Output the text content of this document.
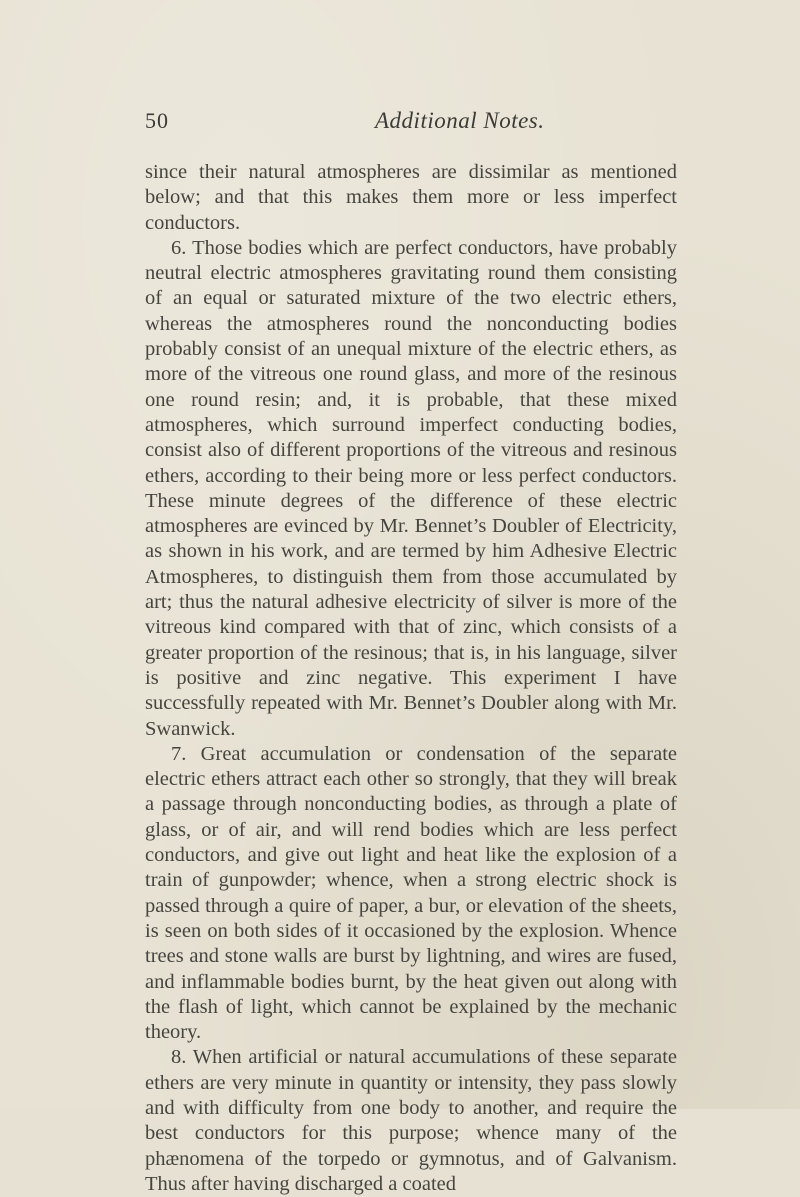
50	Additional Notes.

since their natural atmospheres are dissimilar as mentioned below; and that this makes them more or less imperfect conductors.

6. Those bodies which are perfect conductors, have probably neutral electric atmospheres gravitating round them consisting of an equal or saturated mixture of the two electric ethers, whereas the atmospheres round the nonconducting bodies probably consist of an unequal mixture of the electric ethers, as more of the vitreous one round glass, and more of the resinous one round resin; and, it is probable, that these mixed atmospheres, which surround imperfect conducting bodies, consist also of different proportions of the vitreous and resinous ethers, according to their being more or less perfect conductors. These minute degrees of the difference of these electric atmospheres are evinced by Mr. Bennet’s Doubler of Electricity, as shown in his work, and are termed by him Adhesive Electric Atmospheres, to distinguish them from those accumulated by art; thus the natural adhesive electricity of silver is more of the vitreous kind compared with that of zinc, which consists of a greater proportion of the resinous; that is, in his language, silver is positive and zinc negative. This experiment I have successfully repeated with Mr. Bennet’s Doubler along with Mr. Swanwick.

7. Great accumulation or condensation of the separate electric ethers attract each other so strongly, that they will break a passage through nonconducting bodies, as through a plate of glass, or of air, and will rend bodies which are less perfect conductors, and give out light and heat like the explosion of a train of gunpowder; whence, when a strong electric shock is passed through a quire of paper, a bur, or elevation of the sheets, is seen on both sides of it occasioned by the explosion. Whence trees and stone walls are burst by lightning, and wires are fused, and inflammable bodies burnt, by the heat given out along with the flash of light, which cannot be explained by the mechanic theory.

8. When artificial or natural accumulations of these separate ethers are very minute in quantity or intensity, they pass slowly and with difficulty from one body to another, and require the best conductors for this purpose; whence many of the phænomena of the torpedo or gymnotus, and of Galvanism. Thus after having discharged a coated
